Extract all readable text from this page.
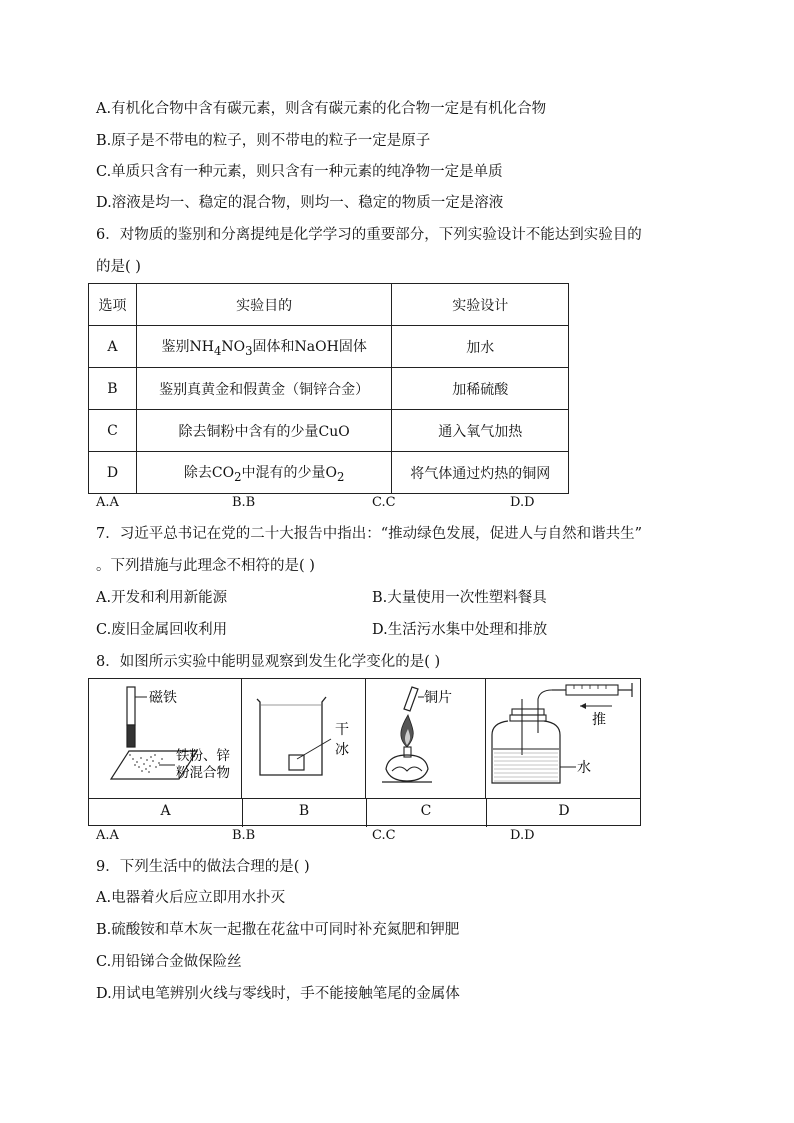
A.有机化合物中含有碳元素，则含有碳元素的化合物一定是有机化合物
B.原子是不带电的粒子，则不带电的粒子一定是原子
C.单质只含有一种元素，则只含有一种元素的纯净物一定是单质
D.溶液是均一、稳定的混合物，则均一、稳定的物质一定是溶液
6．对物质的鉴别和分离提纯是化学学习的重要部分，下列实验设计不能达到实验目的
的是( )
选项	实验目的	实验设计
A	鉴别$NH_4NO_3$固体和NaOH固体	加水
B	鉴别真黄金和假黄金（铜锌合金）	加稀硫酸
C	除去铜粉中含有的少量CuO	通入氧气加热
D	除去$CO_2$中混有的少量$O_2$	将气体通过灼热的铜网
A.A	B.B	C.C	D.D
7．习近平总书记在党的二十大报告中指出：“推动绿色发展，促进人与自然和谐共生”
。下列措施与此理念不相符的是( )
A.开发和利用新能源	B.大量使用一次性塑料餐具
C.废旧金属回收利用	D.生活污水集中处理和排放
8．如图所示实验中能明显观察到发生化学变化的是( )
磁铁
铁粉、锌
粉混合物
干
冰
铜片
推
水
A	B	C	D
A.A	B.B	C.C	D.D
9．下列生活中的做法合理的是( )
A.电器着火后应立即用水扑灭
B.硫酸铵和草木灰一起撒在花盆中可同时补充氮肥和钾肥
C.用铅锑合金做保险丝
D.用试电笔辨别火线与零线时，手不能接触笔尾的金属体
